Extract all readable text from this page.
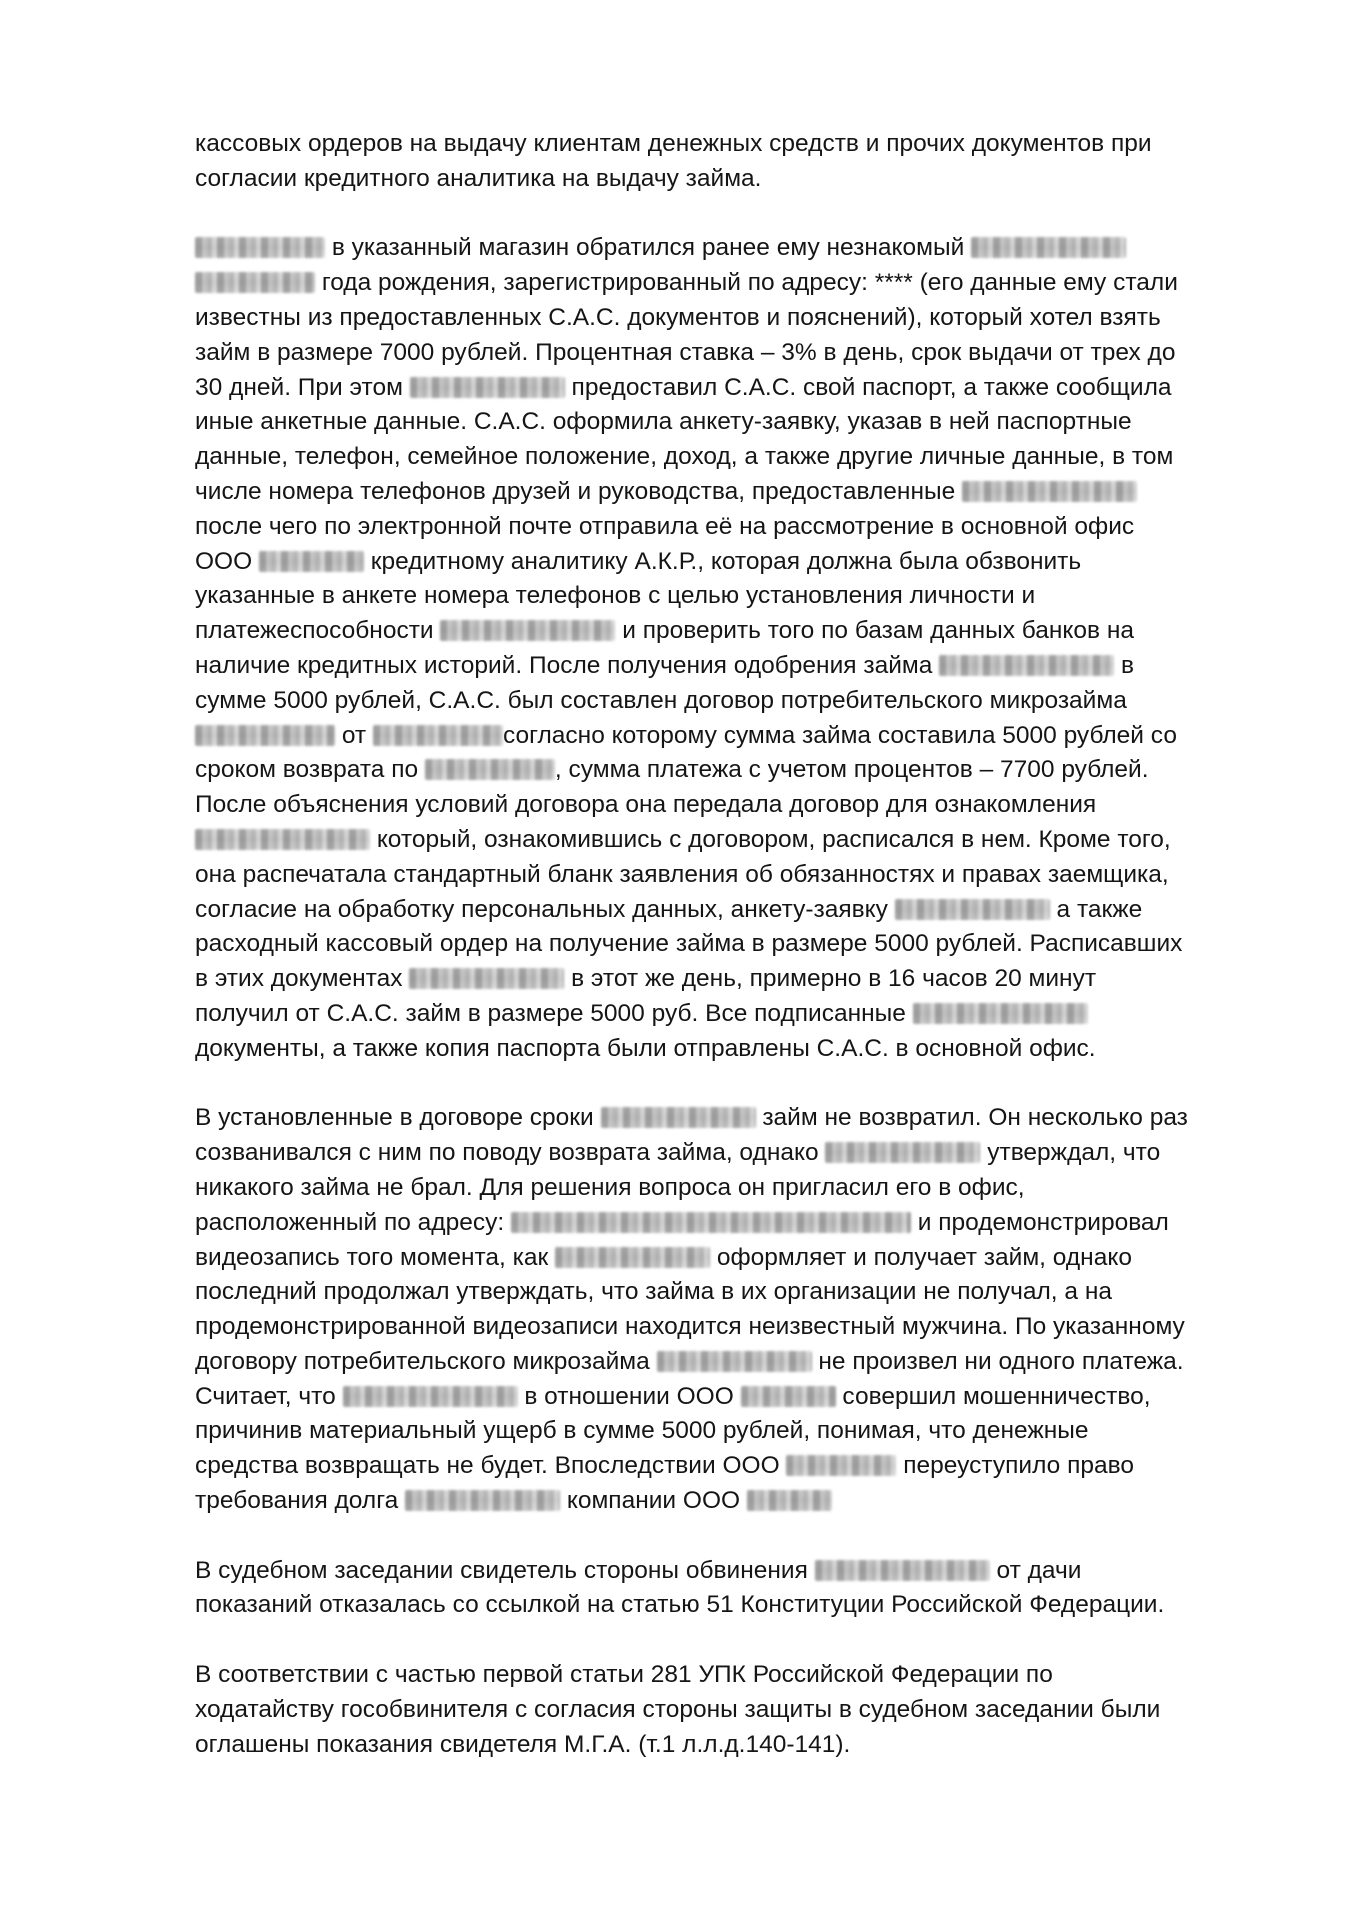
кассовых ордеров на выдачу клиентам денежных средств и прочих документов при
согласии кредитного аналитика на выдачу займа.

в указанный магазин обратился ранее ему незнакомый
года рождения, зарегистрированный по адресу: **** (его данные ему стали
известны из предоставленных С.А.С. документов и пояснений), который хотел взять
займ в размере 7000 рублей. Процентная ставка – 3% в день, срок выдачи от трех до
30 дней. При этом	предоставил С.А.С. свой паспорт, а также сообщила
иные анкетные данные. С.А.С. оформила анкету-заявку, указав в ней паспортные
данные, телефон, семейное положение, доход, а также другие личные данные, в том
числе номера телефонов друзей и руководства, предоставленные
после чего по электронной почте отправила её на рассмотрение в основной офис
ООО	кредитному аналитику А.К.Р., которая должна была обзвонить
указанные в анкете номера телефонов с целью установления личности и
платежеспособности	и проверить того по базам данных банков на
наличие кредитных историй. После получения одобрения займа	в
сумме 5000 рублей, С.А.С. был составлен договор потребительского микрозайма
от	согласно которому сумма займа составила 5000 рублей со
сроком возврата по	, сумма платежа с учетом процентов – 7700 рублей.
После объяснения условий договора она передала договор для ознакомления
который, ознакомившись с договором, расписался в нем. Кроме того,
она распечатала стандартный бланк заявления об обязанностях и правах заемщика,
согласие на обработку персональных данных, анкету-заявку	а также
расходный кассовый ордер на получение займа в размере 5000 рублей. Расписавших
в этих документах	в этот же день, примерно в 16 часов 20 минут
получил от С.А.С. займ в размере 5000 руб. Все подписанные
документы, а также копия паспорта были отправлены С.А.С. в основной офис.

В установленные в договоре сроки	займ не возвратил. Он несколько раз
созванивался с ним по поводу возврата займа, однако	утверждал, что
никакого займа не брал. Для решения вопроса он пригласил его в офис,
расположенный по адресу:	и продемонстрировал
видеозапись того момента, как	оформляет и получает займ, однако
последний продолжал утверждать, что займа в их организации не получал, а на
продемонстрированной видеозаписи находится неизвестный мужчина. По указанному
договору потребительского микрозайма	не произвел ни одного платежа.
Считает, что	в отношении ООО	совершил мошенничество,
причинив материальный ущерб в сумме 5000 рублей, понимая, что денежные
средства возвращать не будет. Впоследствии ООО	переуступило право
требования долга	компании ООО

В судебном заседании свидетель стороны обвинения	от дачи
показаний отказалась со ссылкой на статью 51 Конституции Российской Федерации.

В соответствии с частью первой статьи 281 УПК Российской Федерации по
ходатайству гособвинителя с согласия стороны защиты в судебном заседании были
оглашены показания свидетеля М.Г.А. (т.1 л.л.д.140-141).
